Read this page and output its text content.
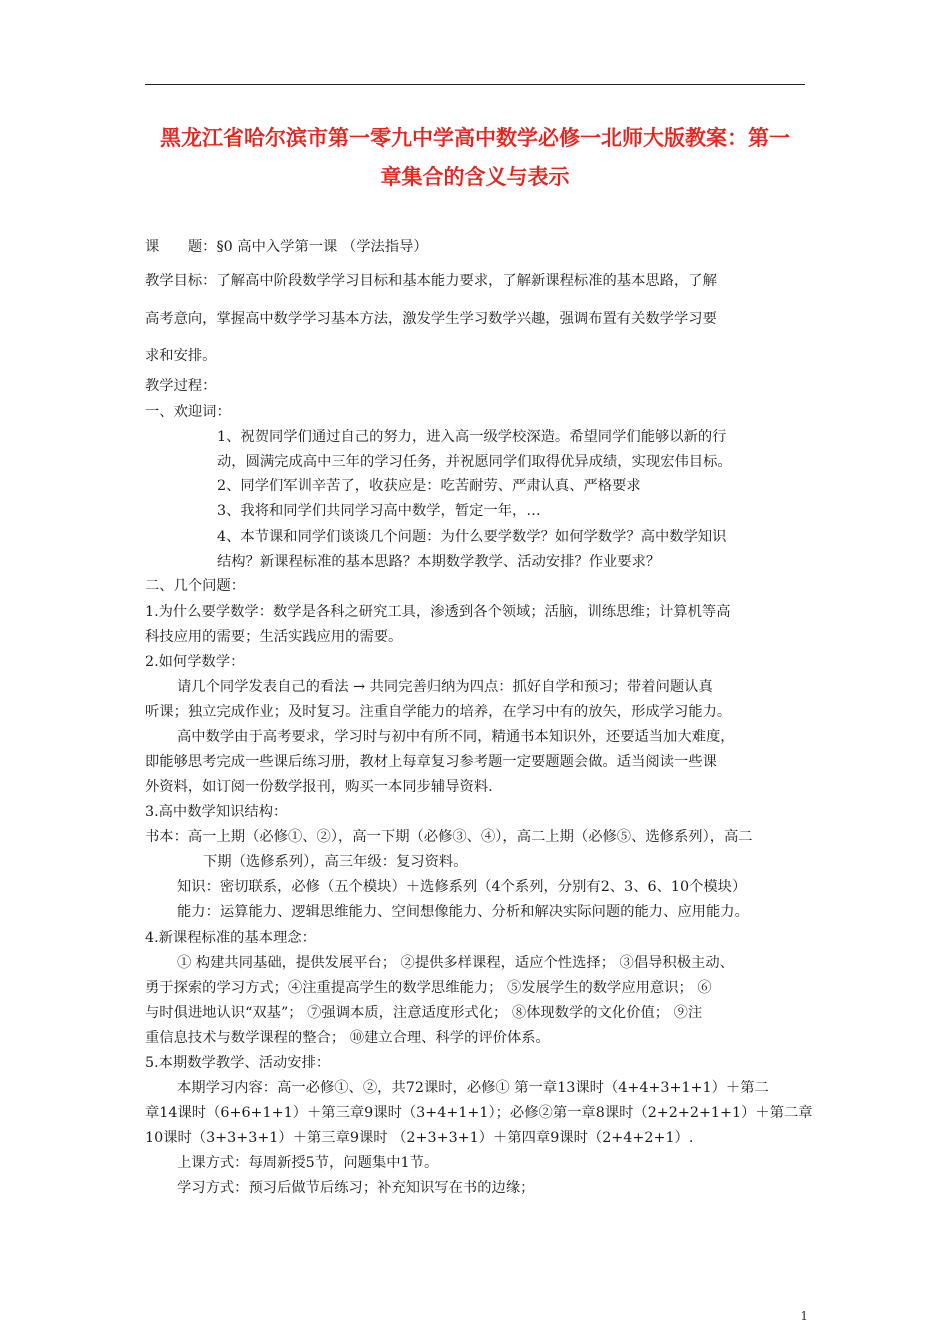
黑龙江省哈尔滨市第一零九中学高中数学必修一北师大版教案：第一
章集合的含义与表示
课　　题：§0 高中入学第一课 （学法指导）
教学目标：了解高中阶段数学学习目标和基本能力要求，了解新课程标准的基本思路，了解
高考意向，掌握高中数学学习基本方法，激发学生学习数学兴趣，强调布置有关数学学习要
求和安排。
教学过程：
一、欢迎词：
1、祝贺同学们通过自己的努力，进入高一级学校深造。希望同学们能够以新的行
动，圆满完成高中三年的学习任务，并祝愿同学们取得优异成绩，实现宏伟目标。
2、同学们军训辛苦了，收获应是：吃苦耐劳、严肃认真、严格要求
3、我将和同学们共同学习高中数学，暂定一年，…
4、本节课和同学们谈谈几个问题：为什么要学数学？如何学数学？高中数学知识
结构？新课程标准的基本思路？本期数学教学、活动安排？作业要求？
二、几个问题：
1.为什么要学数学：数学是各科之研究工具，渗透到各个领域；活脑，训练思维；计算机等高
科技应用的需要；生活实践应用的需要。
2.如何学数学：
请几个同学发表自己的看法 → 共同完善归纳为四点：抓好自学和预习；带着问题认真
听课；独立完成作业；及时复习。注重自学能力的培养，在学习中有的放矢，形成学习能力。
高中数学由于高考要求，学习时与初中有所不同，精通书本知识外，还要适当加大难度，
即能够思考完成一些课后练习册，教材上每章复习参考题一定要题题会做。适当阅读一些课
外资料，如订阅一份数学报刊，购买一本同步辅导资料.
3.高中数学知识结构：
书本：高一上期（必修①、②），高一下期（必修③、④），高二上期（必修⑤、选修系列），高二
下期（选修系列），高三年级：复习资料。
知识：密切联系，必修（五个模块）＋选修系列（4个系列，分别有2、3、6、10个模块）
能力：运算能力、逻辑思维能力、空间想像能力、分析和解决实际问题的能力、应用能力。
4.新课程标准的基本理念：
① 构建共同基础，提供发展平台； ②提供多样课程，适应个性选择； ③倡导积极主动、
勇于探索的学习方式；④注重提高学生的数学思维能力； ⑤发展学生的数学应用意识； ⑥
与时俱进地认识“双基”； ⑦强调本质，注意适度形式化； ⑧体现数学的文化价值； ⑨注
重信息技术与数学课程的整合； ⑩建立合理、科学的评价体系。
5.本期数学教学、活动安排：
本期学习内容：高一必修①、②，共72课时，必修① 第一章13课时（4+4+3+1+1）＋第二
章14课时（6+6+1+1）＋第三章9课时（3+4+1+1）；必修②第一章8课时（2+2+2+1+1）＋第二章
10课时（3+3+3+1）＋第三章9课时 （2+3+3+1）＋第四章9课时（2+4+2+1）.
上课方式：每周新授5节，问题集中1节。
学习方式：预习后做节后练习；补充知识写在书的边缘；
1
